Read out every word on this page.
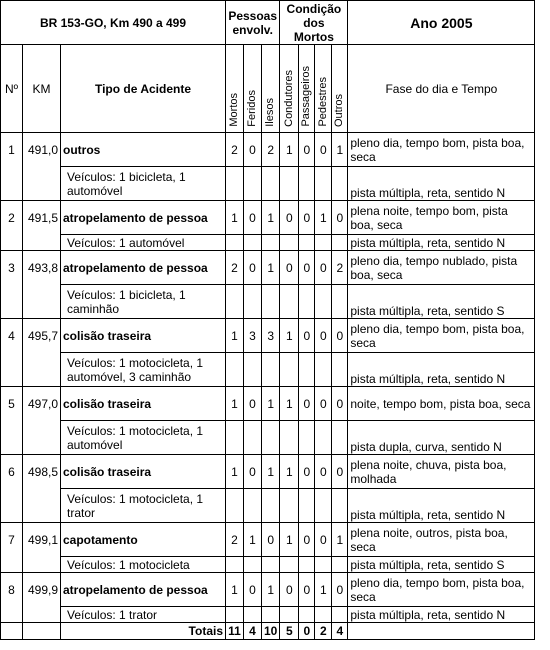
BR 153-GO, Km 490 a 499			Pessoas envolv.			Condição dos Mortos				Ano 2005
Nº	KM	Tipo de Acidente	Mortos	Feridos	Ilesos	Condutores	Passageiros	Pedestres	Outros	Fase do dia e Tempo
1	491,0	outros	2	0	2	1	0	0	1	pleno dia, tempo bom, pista boa, seca
		Veículos: 1 bicicleta, 1 automóvel								pista múltipla, reta, sentido N
2	491,5	atropelamento de pessoa	1	0	1	0	0	1	0	plena noite, tempo bom, pista boa, seca
		Veículos: 1 automóvel								pista múltipla, reta, sentido N
3	493,8	atropelamento de pessoa	2	0	1	0	0	0	2	pleno dia, tempo nublado, pista boa, seca
		Veículos: 1 bicicleta, 1 caminhão								pista múltipla, reta, sentido S
4	495,7	colisão traseira	1	3	3	1	0	0	0	pleno dia, tempo bom, pista boa, seca
		Veículos: 1 motocicleta, 1 automóvel, 3 caminhão								pista múltipla, reta, sentido N
5	497,0	colisão traseira	1	0	1	1	0	0	0	noite, tempo bom, pista boa, seca
		Veículos: 1 motocicleta, 1 automóvel								pista dupla, curva, sentido N
6	498,5	colisão traseira	1	0	1	1	0	0	0	plena noite, chuva, pista boa, molhada
		Veículos: 1 motocicleta, 1 trator								pista múltipla, reta, sentido N
7	499,1	capotamento	2	1	0	1	0	0	1	plena noite, outros, pista boa, seca
		Veículos: 1 motocicleta								pista múltipla, reta, sentido S
8	499,9	atropelamento de pessoa	1	0	1	0	0	1	0	pleno dia, tempo bom, pista boa, seca
		Veículos: 1 trator								pista múltipla, reta, sentido N
		Totais	11	4	10	5	0	2	4	
